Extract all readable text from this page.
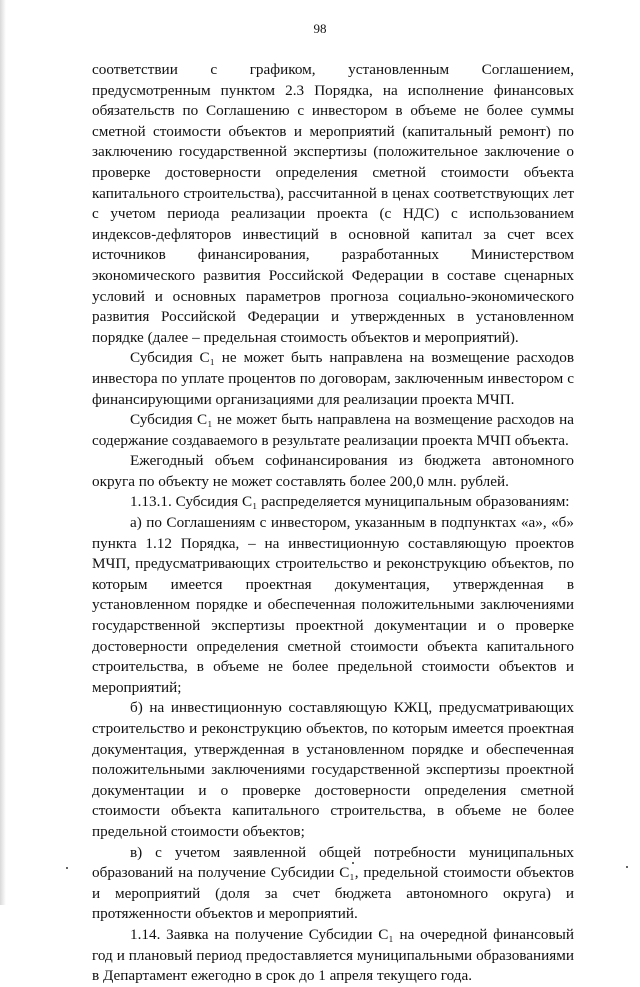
98

соответствии с графиком, установленным Соглашением, предусмотренным пунктом 2.3 Порядка, на исполнение финансовых обязательств по Соглашению с инвестором в объеме не более суммы сметной стоимости объектов и мероприятий (капитальный ремонт) по заключению государственной экспертизы (положительное заключение о проверке достоверности определения сметной стоимости объекта капитального строительства), рассчитанной в ценах соответствующих лет с учетом периода реализации проекта (с НДС) с использованием индексов-дефляторов инвестиций в основной капитал за счет всех источников финансирования, разработанных Министерством экономического развития Российской Федерации в составе сценарных условий и основных параметров прогноза социально-экономического развития Российской Федерации и утвержденных в установленном порядке (далее – предельная стоимость объектов и мероприятий).

Субсидия С₁ не может быть направлена на возмещение расходов инвестора по уплате процентов по договорам, заключенным инвестором с финансирующими организациями для реализации проекта МЧП.

Субсидия С₁ не может быть направлена на возмещение расходов на содержание создаваемого в результате реализации проекта МЧП объекта.

Ежегодный объем софинансирования из бюджета автономного округа по объекту не может составлять более 200,0 млн. рублей.

1.13.1. Субсидия С₁ распределяется муниципальным образованиям:

а) по Соглашениям с инвестором, указанным в подпунктах «а», «б» пункта 1.12 Порядка, – на инвестиционную составляющую проектов МЧП, предусматривающих строительство и реконструкцию объектов, по которым имеется проектная документация, утвержденная в установленном порядке и обеспеченная положительными заключениями государственной экспертизы проектной документации и о проверке достоверности определения сметной стоимости объекта капитального строительства, в объеме не более предельной стоимости объектов и мероприятий;

б) на инвестиционную составляющую КЖЦ, предусматривающих строительство и реконструкцию объектов, по которым имеется проектная документация, утвержденная в установленном порядке и обеспеченная положительными заключениями государственной экспертизы проектной документации и о проверке достоверности определения сметной стоимости объекта капитального строительства, в объеме не более предельной стоимости объектов;

в) с учетом заявленной общей потребности муниципальных образований на получение Субсидии С₁, предельной стоимости объектов и мероприятий (доля за счет бюджета автономного округа) и протяженности объектов и мероприятий.

1.14. Заявка на получение Субсидии С₁ на очередной финансовый год и плановый период предоставляется муниципальными образованиями в Департамент ежегодно в срок до 1 апреля текущего года.
